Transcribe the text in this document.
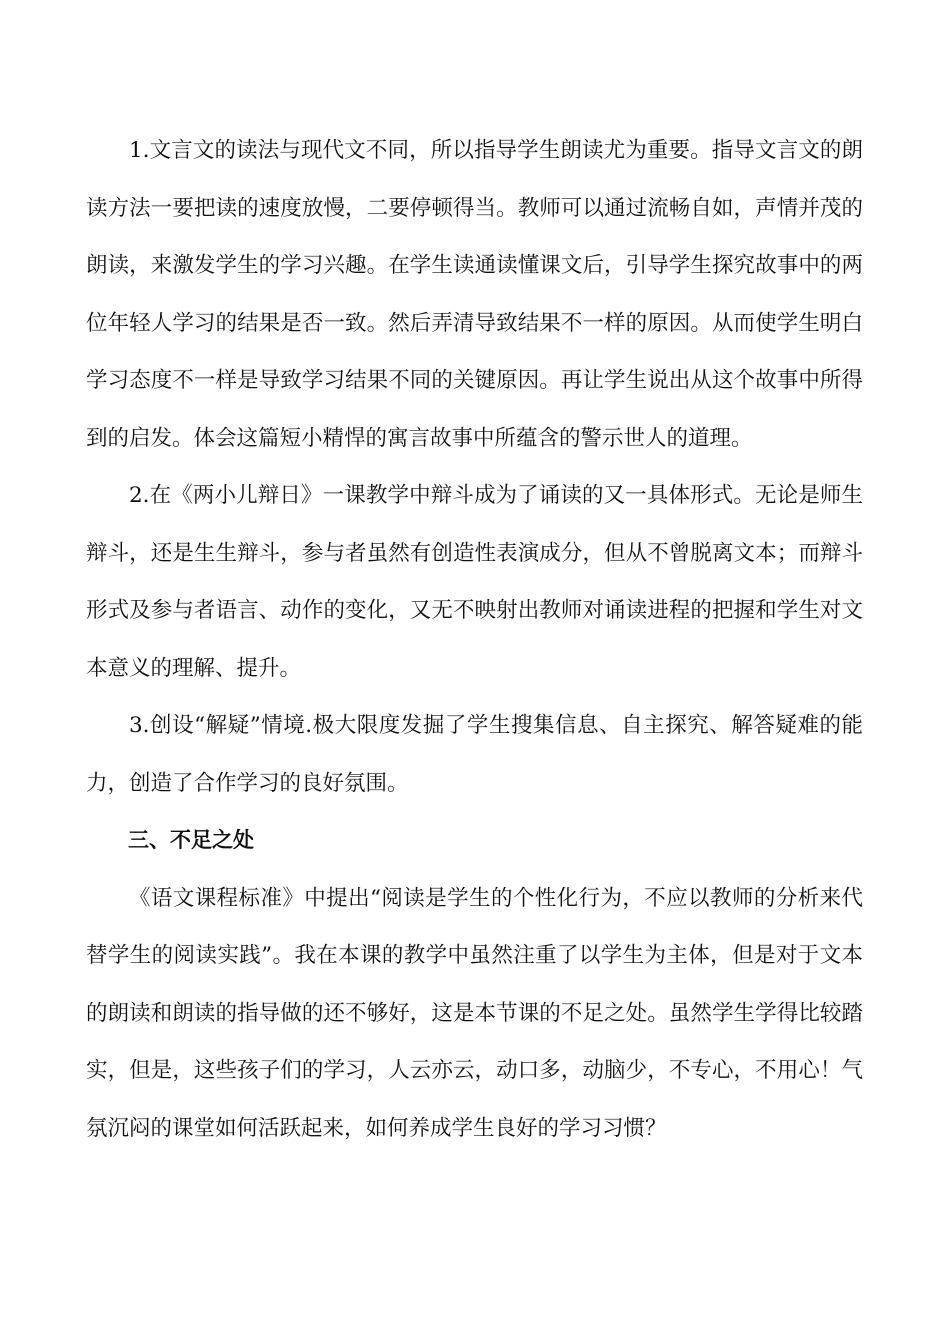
1.文言文的读法与现代文不同，所以指导学生朗读尤为重要。指导文言文的朗读方法一要把读的速度放慢，二要停顿得当。教师可以通过流畅自如，声情并茂的朗读，来激发学生的学习兴趣。在学生读通读懂课文后，引导学生探究故事中的两位年轻人学习的结果是否一致。然后弄清导致结果不一样的原因。从而使学生明白学习态度不一样是导致学习结果不同的关键原因。再让学生说出从这个故事中所得到的启发。体会这篇短小精悍的寓言故事中所蕴含的警示世人的道理。

2.在《两小儿辩日》一课教学中辩斗成为了诵读的又一具体形式。无论是师生辩斗，还是生生辩斗，参与者虽然有创造性表演成分，但从不曾脱离文本；而辩斗形式及参与者语言、动作的变化，又无不映射出教师对诵读进程的把握和学生对文本意义的理解、提升。

3.创设“解疑”情境.极大限度发掘了学生搜集信息、自主探究、解答疑难的能力，创造了合作学习的良好氛围。

三、不足之处

《语文课程标准》中提出“阅读是学生的个性化行为，不应以教师的分析来代替学生的阅读实践”。我在本课的教学中虽然注重了以学生为主体，但是对于文本的朗读和朗读的指导做的还不够好，这是本节课的不足之处。虽然学生学得比较踏实，但是，这些孩子们的学习，人云亦云，动口多，动脑少，不专心，不用心！气氛沉闷的课堂如何活跃起来，如何养成学生良好的学习习惯？
